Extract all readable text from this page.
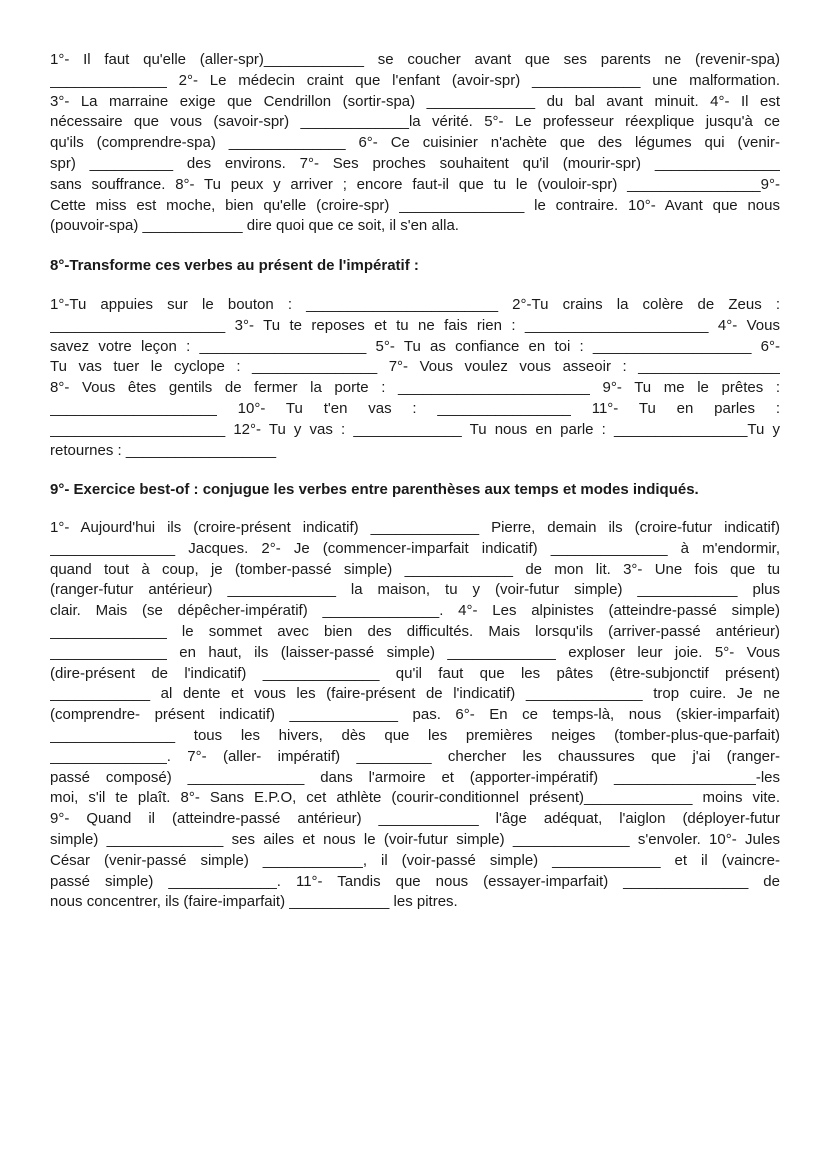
1°- Il faut qu'elle (aller-spr)____________ se coucher avant que ses parents ne (revenir-spa)
______________ 2°- Le médecin craint que l'enfant (avoir-spr) _____________ une malformation.
3°- La marraine exige que Cendrillon (sortir-spa) _____________ du bal avant minuit. 4°- Il est
nécessaire que vous (savoir-spr) _____________la vérité. 5°- Le professeur réexplique jusqu'à ce
qu'ils (comprendre-spa) ______________ 6°- Ce cuisinier n'achète que des légumes qui (venir-
spr) __________ des environs. 7°- Ses proches souhaitent qu'il (mourir-spr) _______________
sans souffrance. 8°- Tu peux y arriver ; encore faut-il que tu le (vouloir-spr) ________________9°-
Cette miss est moche, bien qu'elle (croire-spr) _______________ le contraire. 10°- Avant que nous
(pouvoir-spa) ____________ dire quoi que ce soit, il s'en alla.
8°-Transforme ces verbes au présent de l'impératif :
1°-Tu appuies sur le bouton : _______________________ 2°-Tu crains la colère de Zeus :
_____________________ 3°- Tu te reposes et tu ne fais rien : ______________________ 4°- Vous
savez votre leçon : ____________________ 5°- Tu as confiance en toi : ___________________ 6°-
Tu vas tuer le cyclope : _______________ 7°- Vous voulez vous asseoir : _________________
8°- Vous êtes gentils de fermer la porte : _______________________ 9°- Tu me le prêtes :
____________________ 10°- Tu t'en vas : ________________ 11°- Tu en parles :
_____________________ 12°- Tu y vas : _____________ Tu nous en parle : ________________Tu y
retournes : __________________
9°- Exercice best-of : conjugue les verbes entre parenthèses aux temps et modes indiqués.
1°- Aujourd'hui ils (croire-présent indicatif) _____________ Pierre, demain ils (croire-futur indicatif)
_______________ Jacques. 2°- Je (commencer-imparfait indicatif) ______________ à m'endormir,
quand tout à coup, je (tomber-passé simple) _____________ de mon lit. 3°- Une fois que tu
(ranger-futur antérieur) _____________ la maison, tu y (voir-futur simple) ____________ plus
clair. Mais (se dépêcher-impératif) ______________. 4°- Les alpinistes (atteindre-passé simple)
______________ le sommet avec bien des difficultés. Mais lorsqu'ils (arriver-passé antérieur)
______________ en haut, ils (laisser-passé simple) _____________ exploser leur joie. 5°- Vous
(dire-présent de l'indicatif) ______________ qu'il faut que les pâtes (être-subjonctif présent)
____________ al dente et vous les (faire-présent de l'indicatif) ______________ trop cuire. Je ne
(comprendre- présent indicatif) _____________ pas. 6°- En ce temps-là, nous (skier-imparfait)
_______________ tous les hivers, dès que les premières neiges (tomber-plus-que-parfait)
______________. 7°- (aller- impératif) _________ chercher les chaussures que j'ai (ranger-
passé composé) ______________ dans l'armoire et (apporter-impératif) _________________-les
moi, s'il te plaît. 8°- Sans E.P.O, cet athlète (courir-conditionnel présent)_____________ moins vite.
9°- Quand il (atteindre-passé antérieur) ____________ l'âge adéquat, l'aiglon (déployer-futur
simple) ______________ ses ailes et nous le (voir-futur simple) ______________ s'envoler. 10°- Jules
César (venir-passé simple) ____________, il (voir-passé simple) _____________ et il (vaincre-
passé simple) _____________. 11°- Tandis que nous (essayer-imparfait) _______________ de
nous concentrer, ils (faire-imparfait) ____________ les pitres.
